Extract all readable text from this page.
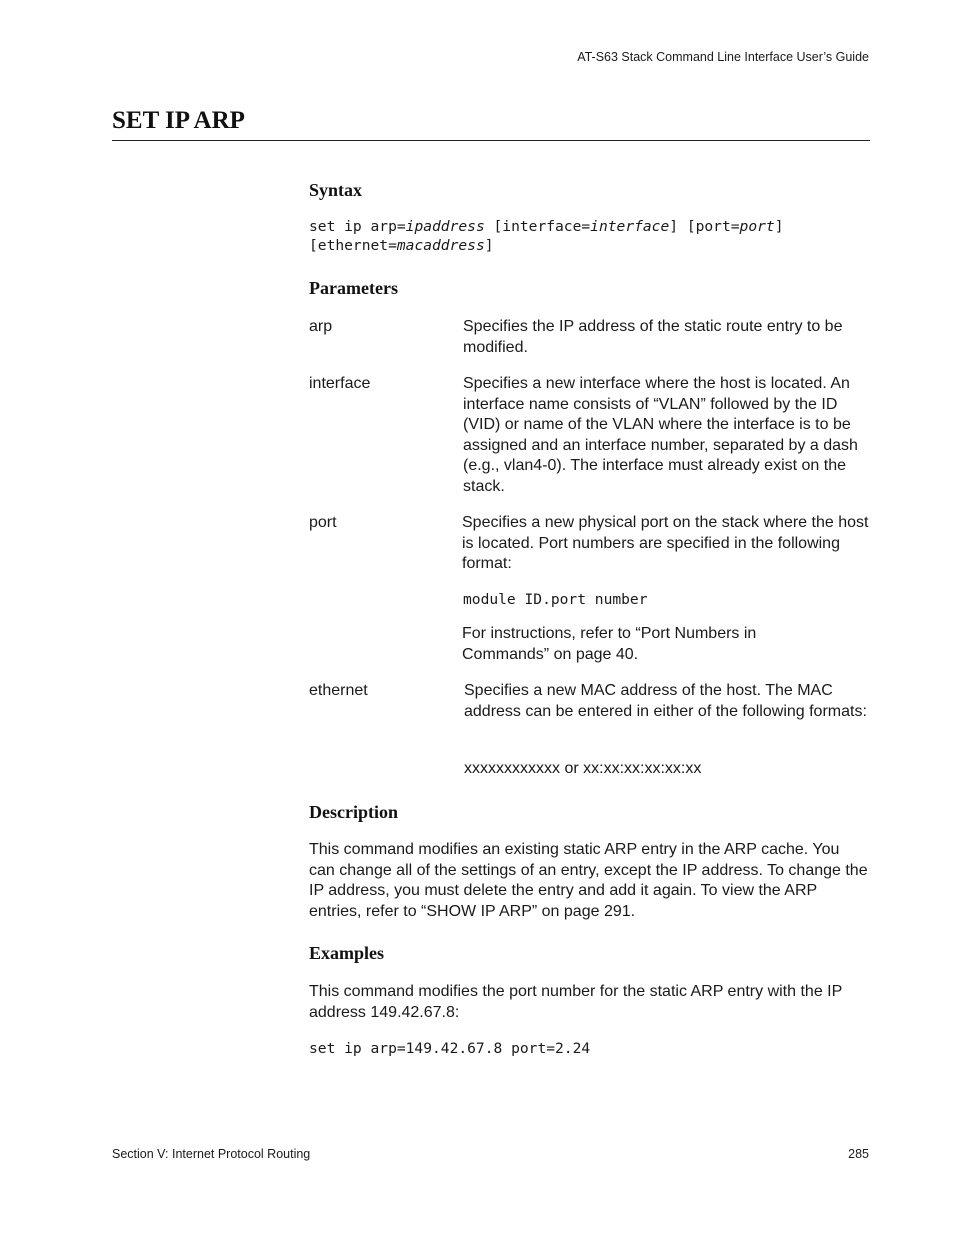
AT-S63 Stack Command Line Interface User’s Guide
SET IP ARP
Syntax
set ip arp=ipaddress [interface=interface] [port=port]
[ethernet=macaddress]
Parameters
arp	Specifies the IP address of the static route entry to be modified.
interface	Specifies a new interface where the host is located. An interface name consists of “VLAN” followed by the ID (VID) or name of the VLAN where the interface is to be assigned and an interface number, separated by a dash (e.g., vlan4-0). The interface must already exist on the stack.
port	Specifies a new physical port on the stack where the host is located. Port numbers are specified in the following format:
module ID.port number
For instructions, refer to “Port Numbers in Commands” on page 40.
ethernet	Specifies a new MAC address of the host. The MAC address can be entered in either of the following formats:
xxxxxxxxxxxx or xx:xx:xx:xx:xx:xx
Description
This command modifies an existing static ARP entry in the ARP cache. You can change all of the settings of an entry, except the IP address. To change the IP address, you must delete the entry and add it again. To view the ARP entries, refer to “SHOW IP ARP” on page 291.
Examples
This command modifies the port number for the static ARP entry with the IP address 149.42.67.8:
set ip arp=149.42.67.8 port=2.24
Section V: Internet Protocol Routing	285
